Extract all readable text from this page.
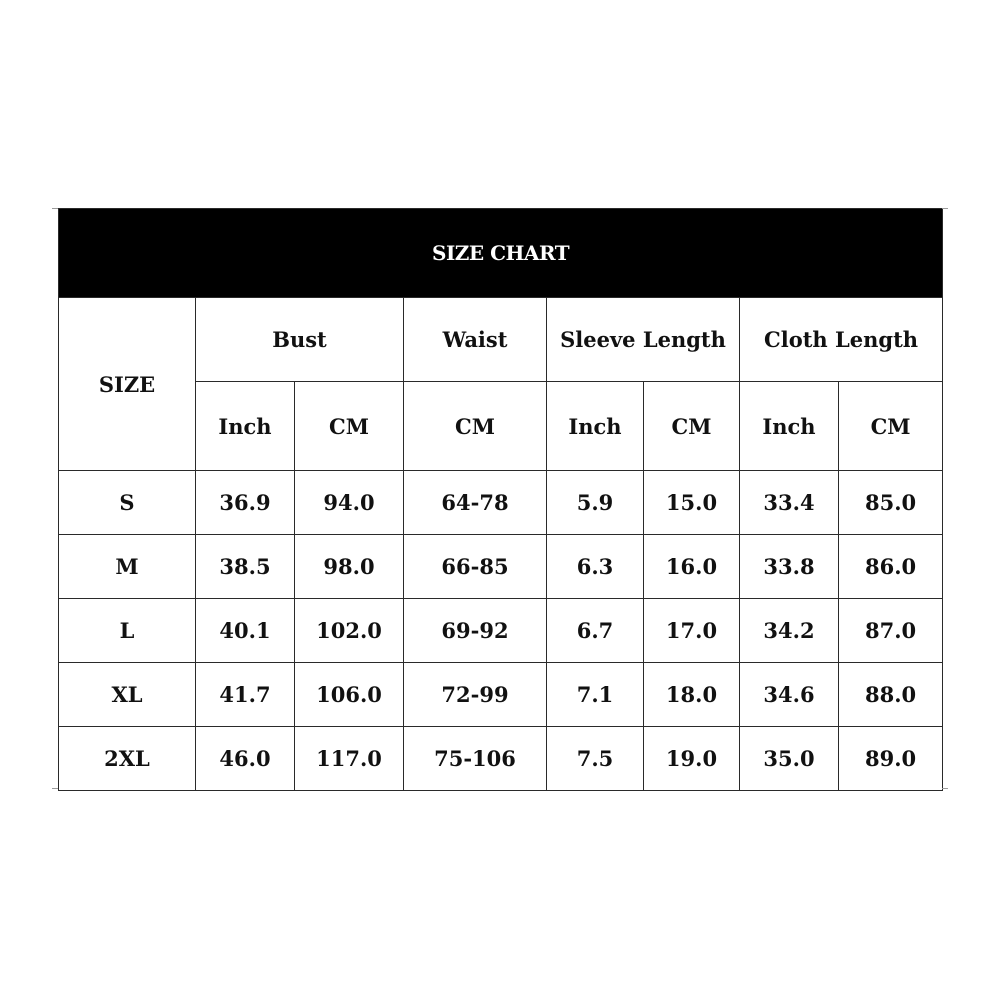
SIZE CHART							
SIZE	Bust		Waist	Sleeve Length		Cloth Length	
	Inch	CM	CM	Inch	CM	Inch	CM
S	36.9	94.0	64-78	5.9	15.0	33.4	85.0
M	38.5	98.0	66-85	6.3	16.0	33.8	86.0
L	40.1	102.0	69-92	6.7	17.0	34.2	87.0
XL	41.7	106.0	72-99	7.1	18.0	34.6	88.0
2XL	46.0	117.0	75-106	7.5	19.0	35.0	89.0
